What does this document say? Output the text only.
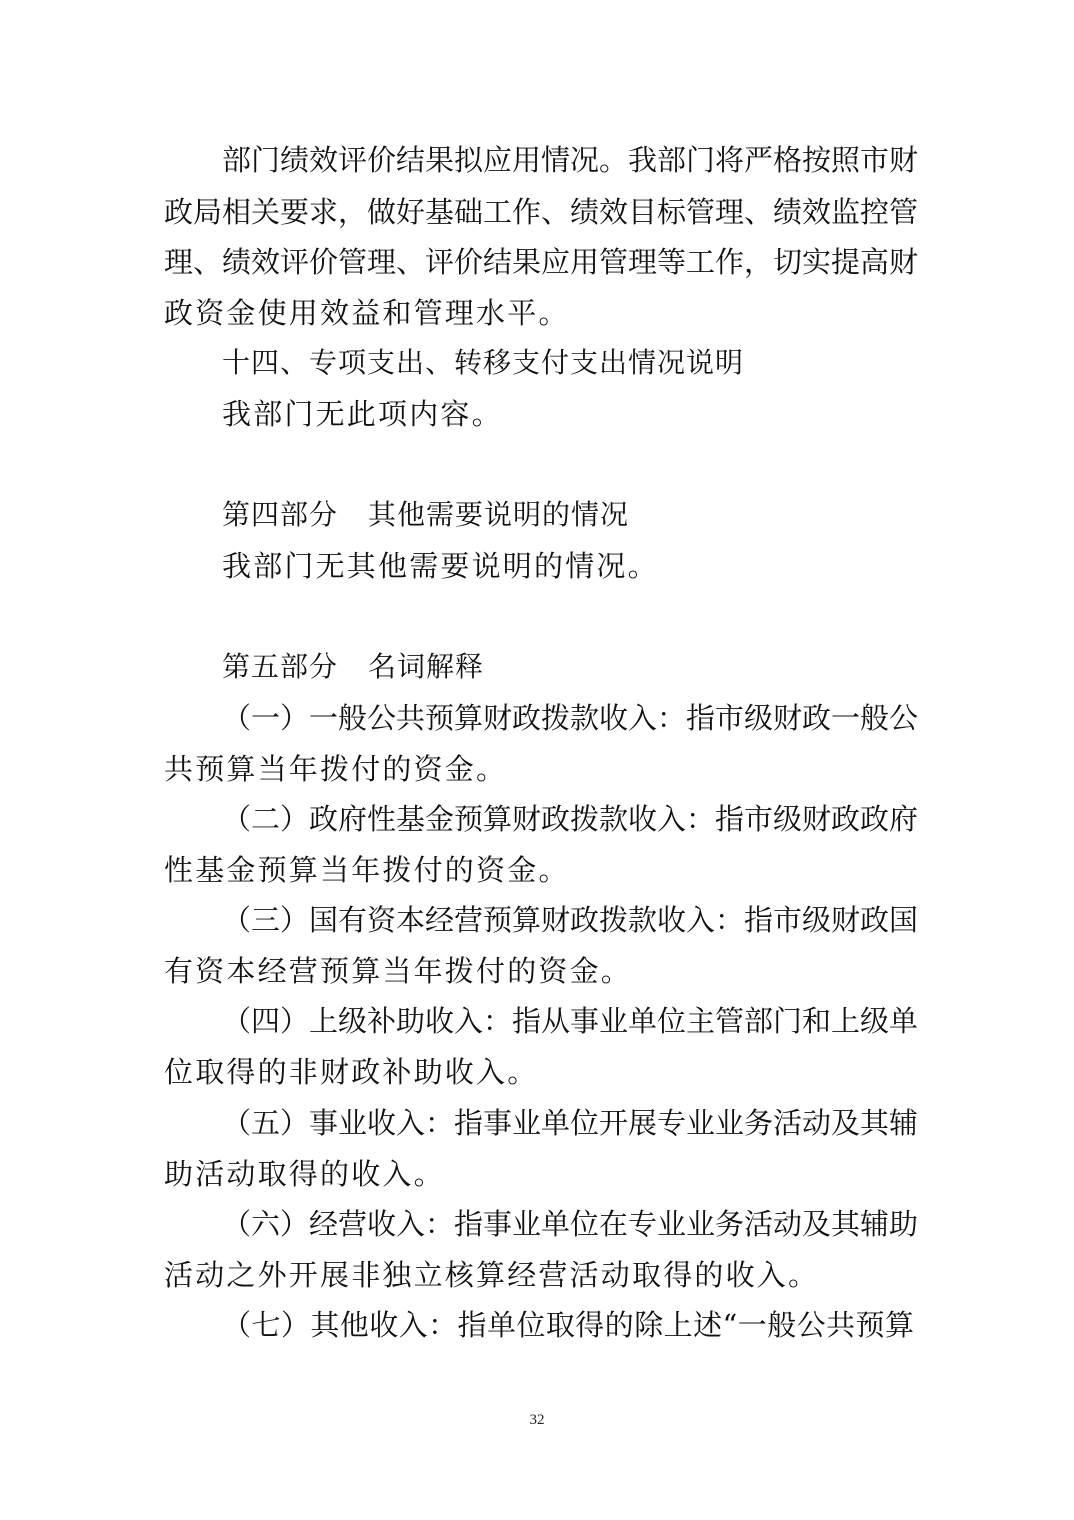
部门绩效评价结果拟应用情况。我部门将严格按照市财
政局相关要求，做好基础工作、绩效目标管理、绩效监控管
理、绩效评价管理、评价结果应用管理等工作，切实提高财
政资金使用效益和管理水平。
十四、专项支出、转移支付支出情况说明
我部门无此项内容。
第四部分 其他需要说明的情况
我部门无其他需要说明的情况。
第五部分 名词解释
（一）一般公共预算财政拨款收入：指市级财政一般公
共预算当年拨付的资金。
（二）政府性基金预算财政拨款收入：指市级财政政府
性基金预算当年拨付的资金。
（三）国有资本经营预算财政拨款收入：指市级财政国
有资本经营预算当年拨付的资金。
（四）上级补助收入：指从事业单位主管部门和上级单
位取得的非财政补助收入。
（五）事业收入：指事业单位开展专业业务活动及其辅
助活动取得的收入。
（六）经营收入：指事业单位在专业业务活动及其辅助
活动之外开展非独立核算经营活动取得的收入。
（七）其他收入：指单位取得的除上述“一般公共预算
32
